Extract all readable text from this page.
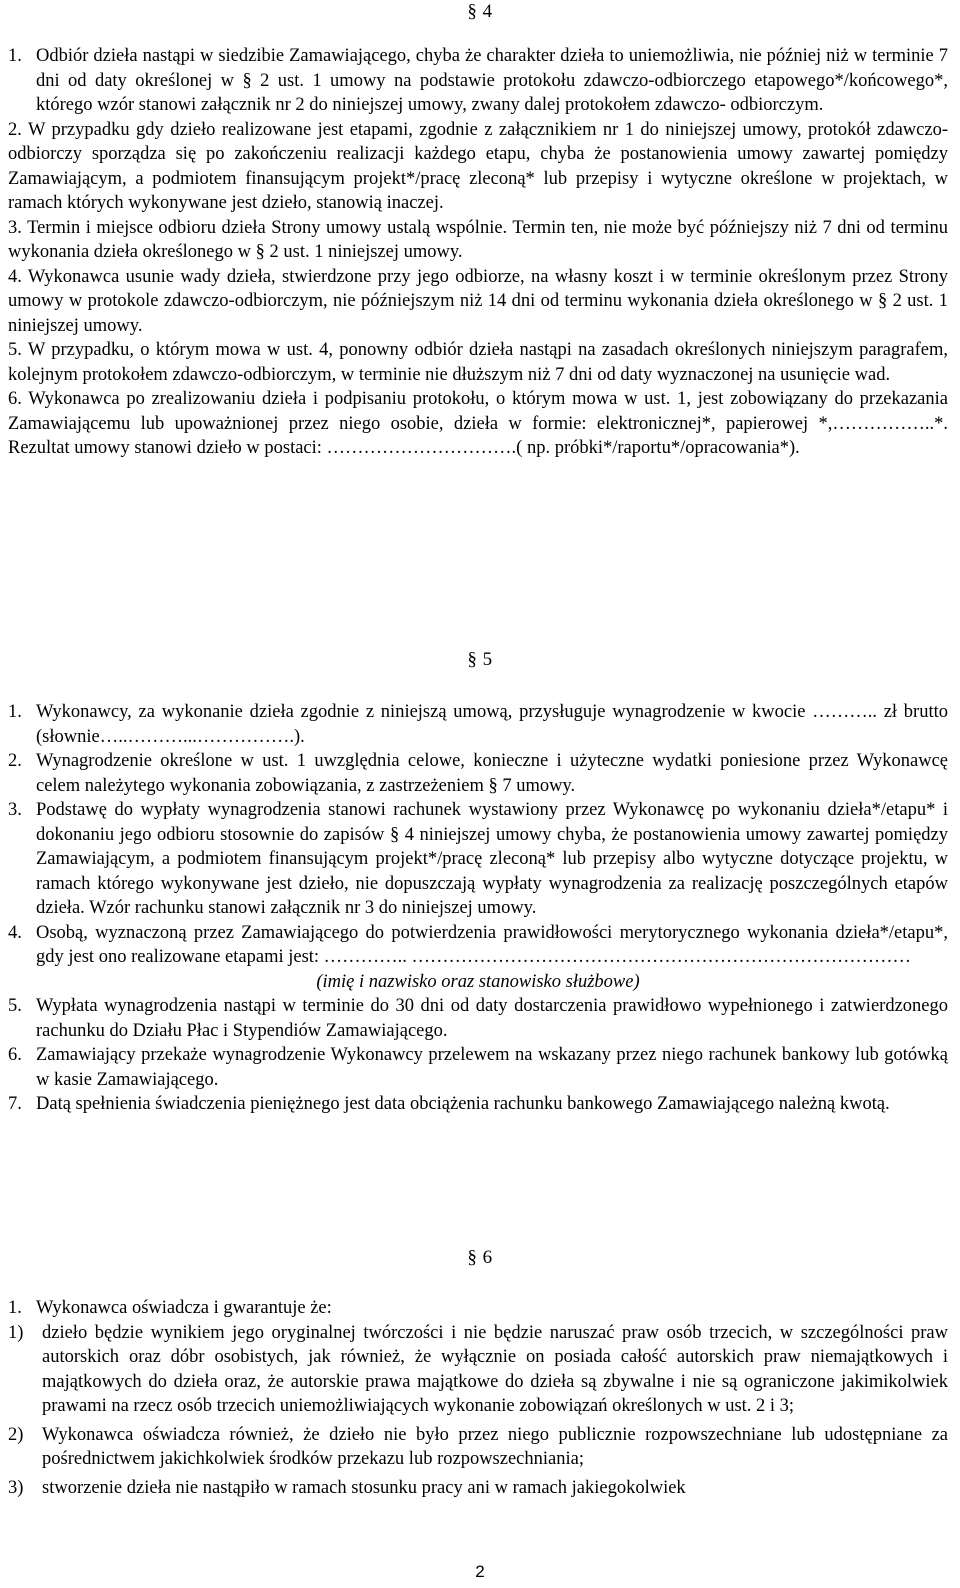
§ 4
1. Odbiór dzieła nastąpi w siedzibie Zamawiającego, chyba że charakter dzieła to uniemożliwia, nie później niż w terminie 7 dni od daty określonej w § 2 ust. 1 umowy na podstawie protokołu zdawczo-odbiorczego etapowego*/końcowego*, którego wzór stanowi załącznik nr 2 do niniejszej umowy, zwany dalej protokołem zdawczo- odbiorczym.
2. W przypadku gdy dzieło realizowane jest etapami, zgodnie z załącznikiem nr 1 do niniejszej umowy, protokół zdawczo-odbiorczy sporządza się po zakończeniu realizacji każdego etapu, chyba że postanowienia umowy zawartej pomiędzy Zamawiającym, a podmiotem finansującym projekt*/pracę zleconą* lub przepisy i wytyczne określone w projektach, w ramach których wykonywane jest dzieło, stanowią inaczej.
3. Termin i miejsce odbioru dzieła Strony umowy ustalą wspólnie. Termin ten, nie może być późniejszy niż 7 dni od terminu wykonania dzieła określonego w § 2 ust. 1 niniejszej umowy.
4. Wykonawca usunie wady dzieła, stwierdzone przy jego odbiorze, na własny koszt i w terminie określonym przez Strony umowy w protokole zdawczo-odbiorczym, nie późniejszym niż 14 dni od terminu wykonania dzieła określonego w § 2 ust. 1 niniejszej umowy.
5. W przypadku, o którym mowa w ust. 4, ponowny odbiór dzieła nastąpi na zasadach określonych niniejszym paragrafem, kolejnym protokołem zdawczo-odbiorczym, w terminie nie dłuższym niż 7 dni od daty wyznaczonej na usunięcie wad.
6. Wykonawca po zrealizowaniu dzieła i podpisaniu protokołu, o którym mowa w ust. 1, jest zobowiązany do przekazania Zamawiającemu lub upoważnionej przez niego osobie, dzieła w formie: elektronicznej*, papierowej *,……………..*. Rezultat umowy stanowi dzieło w postaci: ………………………….( np. próbki*/raportu*/opracowania*).
§ 5
1. Wykonawcy, za wykonanie dzieła zgodnie z niniejszą umową, przysługuje wynagrodzenie w kwocie ……….. zł brutto (słownie…..………...…………….).
2. Wynagrodzenie określone w ust. 1 uwzględnia celowe, konieczne i użyteczne wydatki poniesione przez Wykonawcę celem należytego wykonania zobowiązania, z zastrzeżeniem § 7 umowy.
3. Podstawę do wypłaty wynagrodzenia stanowi rachunek wystawiony przez Wykonawcę po wykonaniu dzieła*/etapu* i dokonaniu jego odbioru stosownie do zapisów § 4 niniejszej umowy chyba, że postanowienia umowy zawartej pomiędzy Zamawiającym, a podmiotem finansującym projekt*/pracę zleconą* lub przepisy albo wytyczne dotyczące projektu, w ramach którego wykonywane jest dzieło, nie dopuszczają wypłaty wynagrodzenia za realizację poszczególnych etapów dzieła. Wzór rachunku stanowi załącznik nr 3 do niniejszej umowy.
4. Osobą, wyznaczoną przez Zamawiającego do potwierdzenia prawidłowości merytorycznego wykonania dzieła*/etapu*, gdy jest ono realizowane etapami jest: ………….. ………………………………………………………………………
(imię i nazwisko oraz stanowisko służbowe)
5. Wypłata wynagrodzenia nastąpi w terminie do 30 dni od daty dostarczenia prawidłowo wypełnionego i zatwierdzonego rachunku do Działu Płac i Stypendiów Zamawiającego.
6. Zamawiający przekaże wynagrodzenie Wykonawcy przelewem na wskazany przez niego rachunek bankowy lub gotówką w kasie Zamawiającego.
7. Datą spełnienia świadczenia pieniężnego jest data obciążenia rachunku bankowego Zamawiającego należną kwotą.
§ 6
1. Wykonawca oświadcza i gwarantuje że:
1)	dzieło będzie wynikiem jego oryginalnej twórczości i nie będzie naruszać praw osób trzecich, w szczególności praw autorskich oraz dóbr osobistych, jak również, że wyłącznie on posiada całość autorskich praw niemajątkowych i majątkowych do dzieła oraz, że autorskie prawa majątkowe do dzieła są zbywalne i nie są ograniczone jakimikolwiek prawami na rzecz osób trzecich uniemożliwiających wykonanie zobowiązań określonych w ust. 2 i 3;
2)	Wykonawca oświadcza również, że dzieło nie było przez niego publicznie rozpowszechniane lub udostępniane za pośrednictwem jakichkolwiek środków przekazu lub rozpowszechniania;
3)	stworzenie dzieła nie nastąpiło w ramach stosunku pracy ani w ramach jakiegokolwiek
2
